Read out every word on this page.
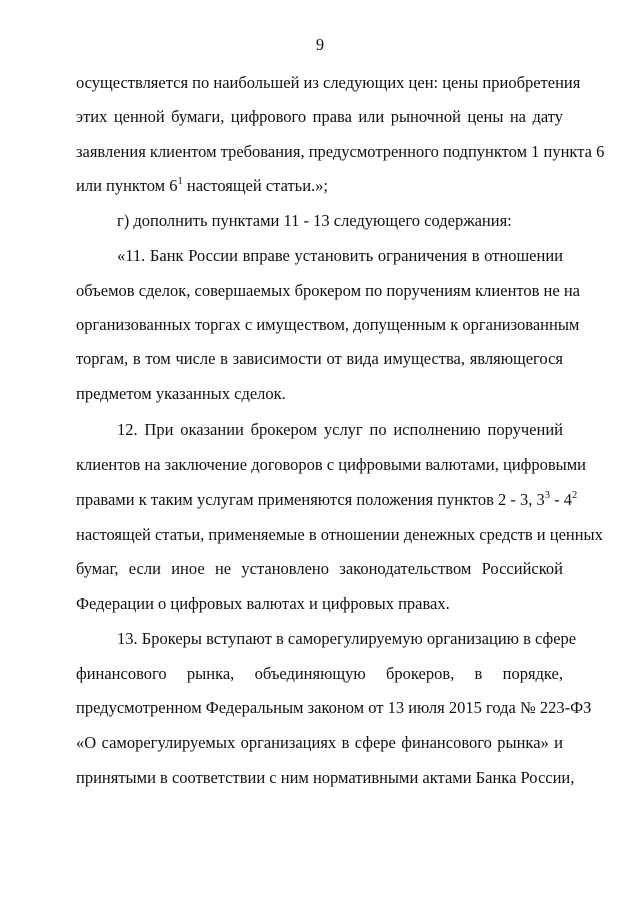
9
осуществляется по наибольшей из следующих цен: цены приобретения
этих ценной бумаги, цифрового права или рыночной цены на дату
заявления клиентом требования, предусмотренного подпунктом 1 пункта 6
или пунктом $6^1$ настоящей статьи.»;
г) дополнить пунктами 11 - 13 следующего содержания:
«11. Банк России вправе установить ограничения в отношении
объемов сделок, совершаемых брокером по поручениям клиентов не на
организованных торгах с имуществом, допущенным к организованным
торгам, в том числе в зависимости от вида имущества, являющегося
предметом указанных сделок.
12. При оказании брокером услуг по исполнению поручений
клиентов на заключение договоров с цифровыми валютами, цифровыми
правами к таким услугам применяются положения пунктов 2 - 3, $3^3 - 4^2$
настоящей статьи, применяемые в отношении денежных средств и ценных
бумаг, если иное не установлено законодательством Российской
Федерации о цифровых валютах и цифровых правах.
13. Брокеры вступают в саморегулируемую организацию в сфере
финансового рынка, объединяющую брокеров, в порядке,
предусмотренном Федеральным законом от 13 июля 2015 года № 223-ФЗ
«О саморегулируемых организациях в сфере финансового рынка» и
принятыми в соответствии с ним нормативными актами Банка России,
